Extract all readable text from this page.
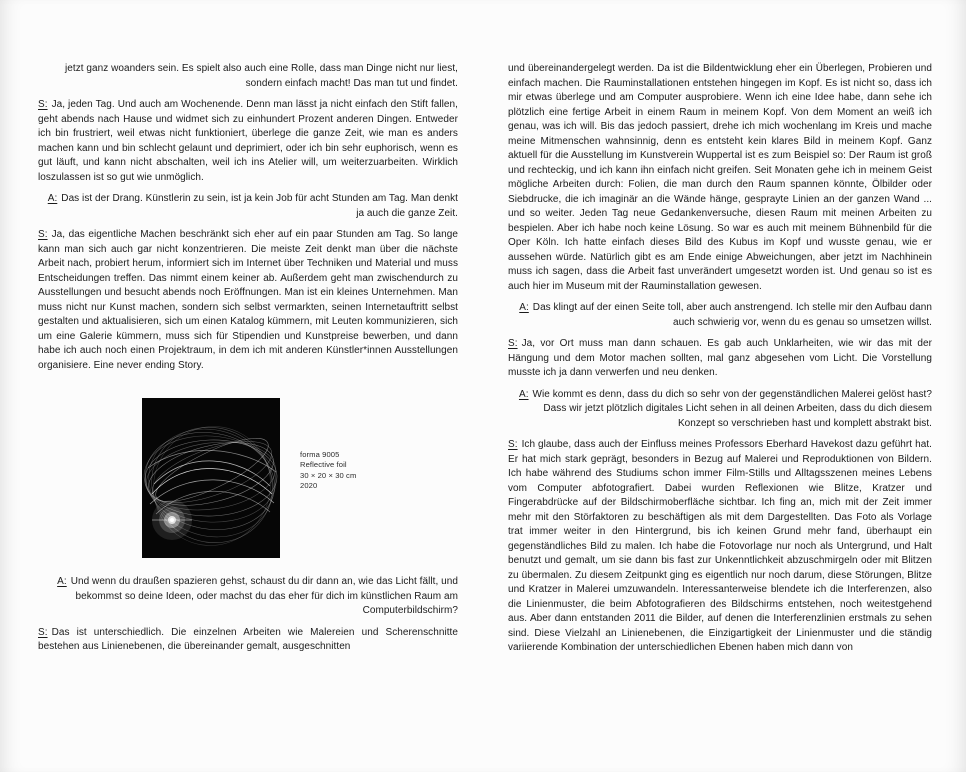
jetzt ganz woanders sein. Es spielt also auch eine Rolle, dass man Dinge nicht nur liest, sondern einfach macht! Das man tut und findet.

S: Ja, jeden Tag. Und auch am Wochenende. Denn man lässt ja nicht einfach den Stift fallen, geht abends nach Hause und widmet sich zu einhundert Prozent anderen Dingen. Entweder ich bin frustriert, weil etwas nicht funktioniert, überlege die ganze Zeit, wie man es anders machen kann und bin schlecht gelaunt und deprimiert, oder ich bin sehr euphorisch, wenn es gut läuft, und kann nicht abschalten, weil ich ins Atelier will, um weiterzuarbeiten. Wirklich loszulassen ist so gut wie unmöglich.

A: Das ist der Drang. Künstlerin zu sein, ist ja kein Job für acht Stunden am Tag. Man denkt ja auch die ganze Zeit.

S: Ja, das eigentliche Machen beschränkt sich eher auf ein paar Stunden am Tag. So lange kann man sich auch gar nicht konzentrieren. Die meiste Zeit denkt man über die nächste Arbeit nach, probiert herum, informiert sich im Internet über Techniken und Material und muss Entscheidungen treffen. Das nimmt einem keiner ab. Außerdem geht man zwischendurch zu Ausstellungen und besucht abends noch Eröffnungen. Man ist ein kleines Unternehmen. Man muss nicht nur Kunst machen, sondern sich selbst vermarkten, seinen Internetauftritt selbst gestalten und aktualisieren, sich um einen Katalog kümmern, mit Leuten kommunizieren, sich um eine Galerie kümmern, muss sich für Stipendien und Kunstpreise bewerben, und dann habe ich auch noch einen Projektraum, in dem ich mit anderen Künstler*innen Ausstellungen organisiere. Eine never ending Story.

forma 9005
Reflective foil
30 × 20 × 30 cm
2020

A: Und wenn du draußen spazieren gehst, schaust du dir dann an, wie das Licht fällt, und bekommst so deine Ideen, oder machst du das eher für dich im künstlichen Raum am Computerbildschirm?

S: Das ist unterschiedlich. Die einzelnen Arbeiten wie Malereien und Scherenschnitte bestehen aus Linienebenen, die übereinander gemalt, ausgeschnitten

und übereinandergelegt werden. Da ist die Bildentwicklung eher ein Überlegen, Probieren und einfach machen. Die Rauminstallationen entstehen hingegen im Kopf. Es ist nicht so, dass ich mir etwas überlege und am Computer ausprobiere. Wenn ich eine Idee habe, dann sehe ich plötzlich eine fertige Arbeit in einem Raum in meinem Kopf. Von dem Moment an weiß ich genau, was ich will. Bis das jedoch passiert, drehe ich mich wochenlang im Kreis und mache meine Mitmenschen wahnsinnig, denn es entsteht kein klares Bild in meinem Kopf. Ganz aktuell für die Ausstellung im Kunstverein Wuppertal ist es zum Beispiel so: Der Raum ist groß und rechteckig, und ich kann ihn einfach nicht greifen. Seit Monaten gehe ich in meinem Geist mögliche Arbeiten durch: Folien, die man durch den Raum spannen könnte, Ölbilder oder Siebdrucke, die ich imaginär an die Wände hänge, gesprayte Linien an der ganzen Wand ... und so weiter. Jeden Tag neue Gedankenversuche, diesen Raum mit meinen Arbeiten zu bespielen. Aber ich habe noch keine Lösung. So war es auch mit meinem Bühnenbild für die Oper Köln. Ich hatte einfach dieses Bild des Kubus im Kopf und wusste genau, wie er aussehen würde. Natürlich gibt es am Ende einige Abweichungen, aber jetzt im Nachhinein muss ich sagen, dass die Arbeit fast unverändert umgesetzt worden ist. Und genau so ist es auch hier im Museum mit der Rauminstallation gewesen.

A: Das klingt auf der einen Seite toll, aber auch anstrengend. Ich stelle mir den Aufbau dann auch schwierig vor, wenn du es genau so umsetzen willst.

S: Ja, vor Ort muss man dann schauen. Es gab auch Unklarheiten, wie wir das mit der Hängung und dem Motor machen sollten, mal ganz abgesehen vom Licht. Die Vorstellung musste ich ja dann verwerfen und neu denken.

A: Wie kommt es denn, dass du dich so sehr von der gegenständlichen Malerei gelöst hast? Dass wir jetzt plötzlich digitales Licht sehen in all deinen Arbeiten, dass du dich diesem Konzept so verschrieben hast und komplett abstrakt bist.

S: Ich glaube, dass auch der Einfluss meines Professors Eberhard Havekost dazu geführt hat. Er hat mich stark geprägt, besonders in Bezug auf Malerei und Reproduktionen von Bildern. Ich habe während des Studiums schon immer Film-Stills und Alltagsszenen meines Lebens vom Computer abfotografiert. Dabei wurden Reflexionen wie Blitze, Kratzer und Fingerabdrücke auf der Bildschirmoberfläche sichtbar. Ich fing an, mich mit der Zeit immer mehr mit den Störfaktoren zu beschäftigen als mit dem Dargestellten. Das Foto als Vorlage trat immer weiter in den Hintergrund, bis ich keinen Grund mehr fand, überhaupt ein gegenständliches Bild zu malen. Ich habe die Fotovorlage nur noch als Untergrund, und Halt benutzt und gemalt, um sie dann bis fast zur Unkenntlichkeit abzuschmirgeln oder mit Blitzen zu übermalen. Zu diesem Zeitpunkt ging es eigentlich nur noch darum, diese Störungen, Blitze und Kratzer in Malerei umzuwandeln. Interessanterweise blendete ich die Interferenzen, also die Linienmuster, die beim Abfotografieren des Bildschirms entstehen, noch weitestgehend aus. Aber dann entstanden 2011 die Bilder, auf denen die Interferenzlinien erstmals zu sehen sind. Diese Vielzahl an Linienebenen, die Einzigartigkeit der Linienmuster und die ständig variierende Kombination der unterschiedlichen Ebenen haben mich dann von
